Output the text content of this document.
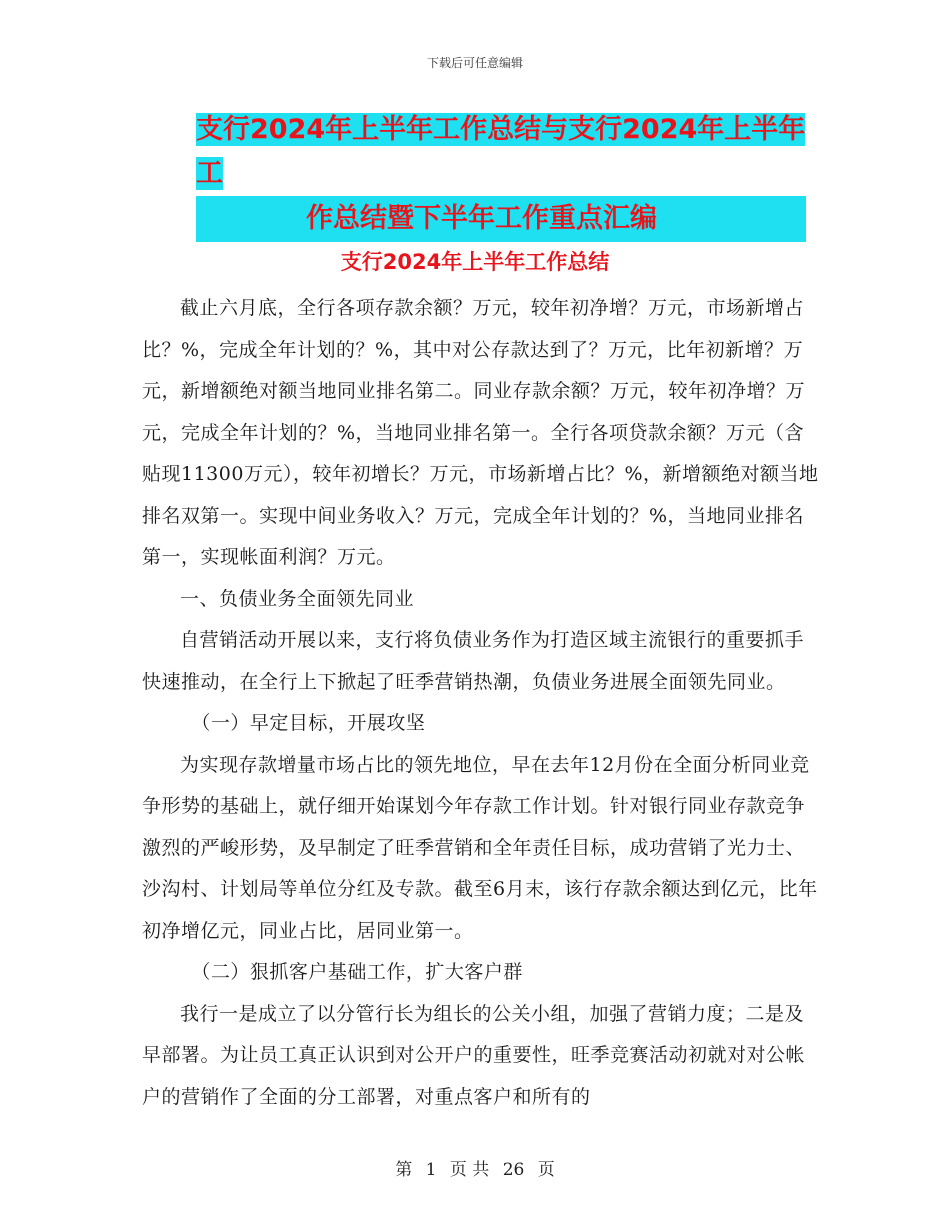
下载后可任意编辑
支行2024年上半年工作总结与支行2024年上半年工
作总结暨下半年工作重点汇编
支行2024年上半年工作总结

截止六月底，全行各项存款余额？万元，较年初净增？万元，市场新增占比？%，完成全年计划的？%，其中对公存款达到了？万元，比年初新增？万元，新增额绝对额当地同业排名第二。同业存款余额？万元，较年初净增？万元，完成全年计划的？%，当地同业排名第一。全行各项贷款余额？万元（含贴现11300万元），较年初增长？万元，市场新增占比？%，新增额绝对额当地排名双第一。实现中间业务收入？万元，完成全年计划的？%，当地同业排名第一，实现帐面利润？万元。

一、负债业务全面领先同业

自营销活动开展以来，支行将负债业务作为打造区域主流银行的重要抓手快速推动，在全行上下掀起了旺季营销热潮，负债业务进展全面领先同业。

（一）早定目标，开展攻坚

为实现存款增量市场占比的领先地位，早在去年12月份在全面分析同业竞争形势的基础上，就仔细开始谋划今年存款工作计划。针对银行同业存款竞争激烈的严峻形势，及早制定了旺季营销和全年责任目标，成功营销了光力士、沙沟村、计划局等单位分红及专款。截至6月末，该行存款余额达到亿元，比年初净增亿元，同业占比，居同业第一。

（二）狠抓客户基础工作，扩大客户群

我行一是成立了以分管行长为组长的公关小组，加强了营销力度；二是及早部署。为让员工真正认识到对公开户的重要性，旺季竞赛活动初就对对公帐户的营销作了全面的分工部署，对重点客户和所有的

第 1 页 共 26 页
